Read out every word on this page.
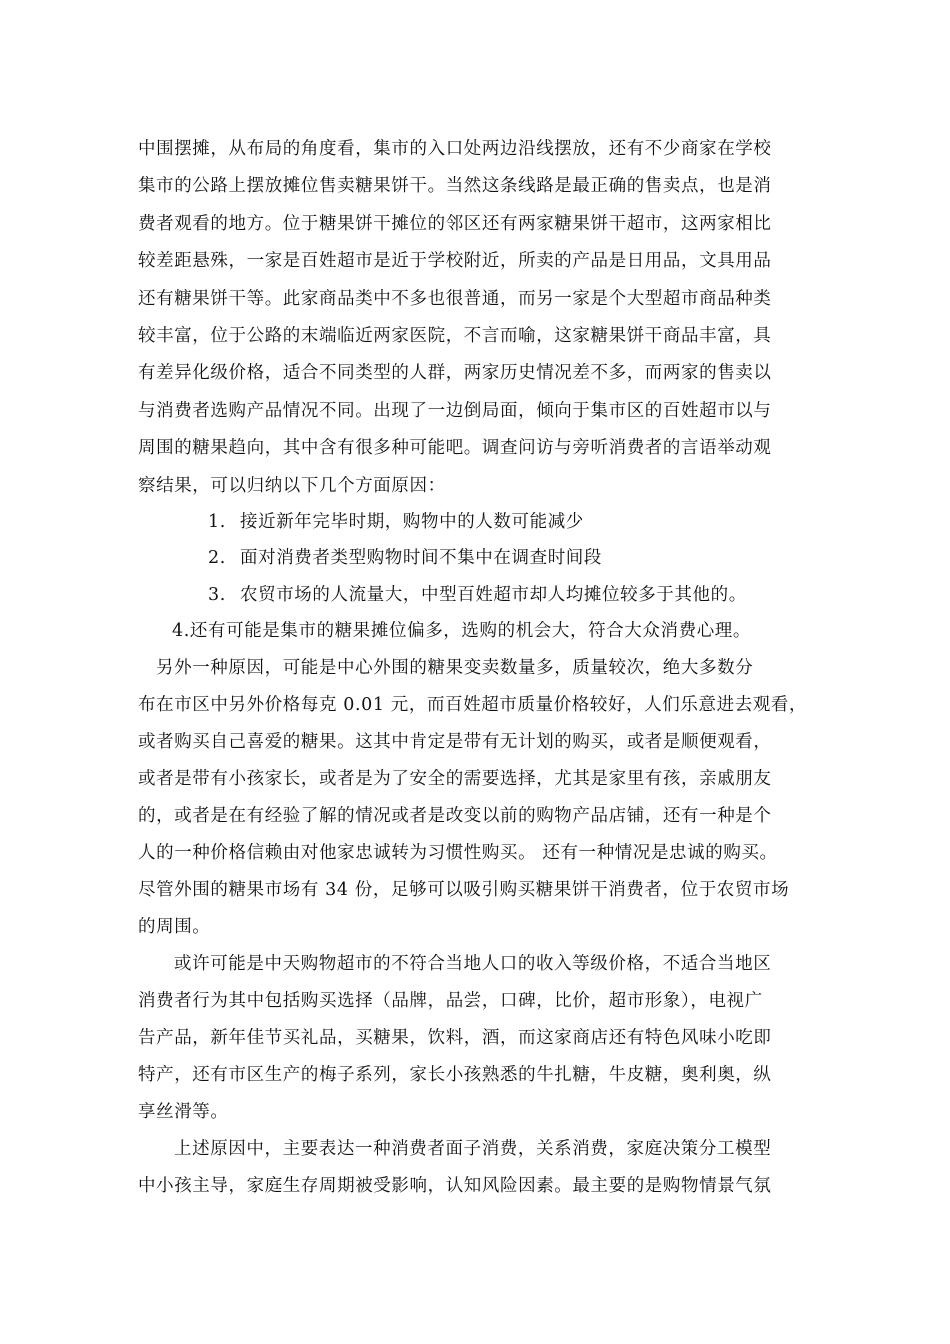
中围摆摊，从布局的角度看，集市的入口处两边沿线摆放，还有不少商家在学校
集市的公路上摆放摊位售卖糖果饼干。当然这条线路是最正确的售卖点，也是消
费者观看的地方。位于糖果饼干摊位的邻区还有两家糖果饼干超市，这两家相比
较差距悬殊，一家是百姓超市是近于学校附近，所卖的产品是日用品，文具用品
还有糖果饼干等。此家商品类中不多也很普通，而另一家是个大型超市商品种类
较丰富，位于公路的末端临近两家医院，不言而喻，这家糖果饼干商品丰富，具
有差异化级价格，适合不同类型的人群，两家历史情况差不多，而两家的售卖以
与消费者选购产品情况不同。出现了一边倒局面，倾向于集市区的百姓超市以与
周围的糖果趋向，其中含有很多种可能吧。调查问访与旁听消费者的言语举动观
察结果，可以归纳以下几个方面原因：
1. 接近新年完毕时期，购物中的人数可能减少
2. 面对消费者类型购物时间不集中在调查时间段
3. 农贸市场的人流量大，中型百姓超市却人均摊位较多于其他的。
4.还有可能是集市的糖果摊位偏多，选购的机会大，符合大众消费心理。
另外一种原因，可能是中心外围的糖果变卖数量多，质量较次，绝大多数分
布在市区中另外价格每克 0.01 元，而百姓超市质量价格较好，人们乐意进去观看，
或者购买自己喜爱的糖果。这其中肯定是带有无计划的购买，或者是顺便观看，
或者是带有小孩家长，或者是为了安全的需要选择，尤其是家里有孩，亲戚朋友
的，或者是在有经验了解的情况或者是改变以前的购物产品店铺，还有一种是个
人的一种价格信赖由对他家忠诚转为习惯性购买。 还有一种情况是忠诚的购买。
尽管外围的糖果市场有 34 份，足够可以吸引购买糖果饼干消费者，位于农贸市场
的周围。
或许可能是中天购物超市的不符合当地人口的收入等级价格，不适合当地区
消费者行为其中包括购买选择（品牌，品尝，口碑，比价，超市形象），电视广
告产品，新年佳节买礼品，买糖果，饮料，酒，而这家商店还有特色风味小吃即
特产，还有市区生产的梅子系列，家长小孩熟悉的牛扎糖，牛皮糖，奥利奥，纵
享丝滑等。
上述原因中，主要表达一种消费者面子消费，关系消费，家庭决策分工模型
中小孩主导，家庭生存周期被受影响，认知风险因素。最主要的是购物情景气氛
